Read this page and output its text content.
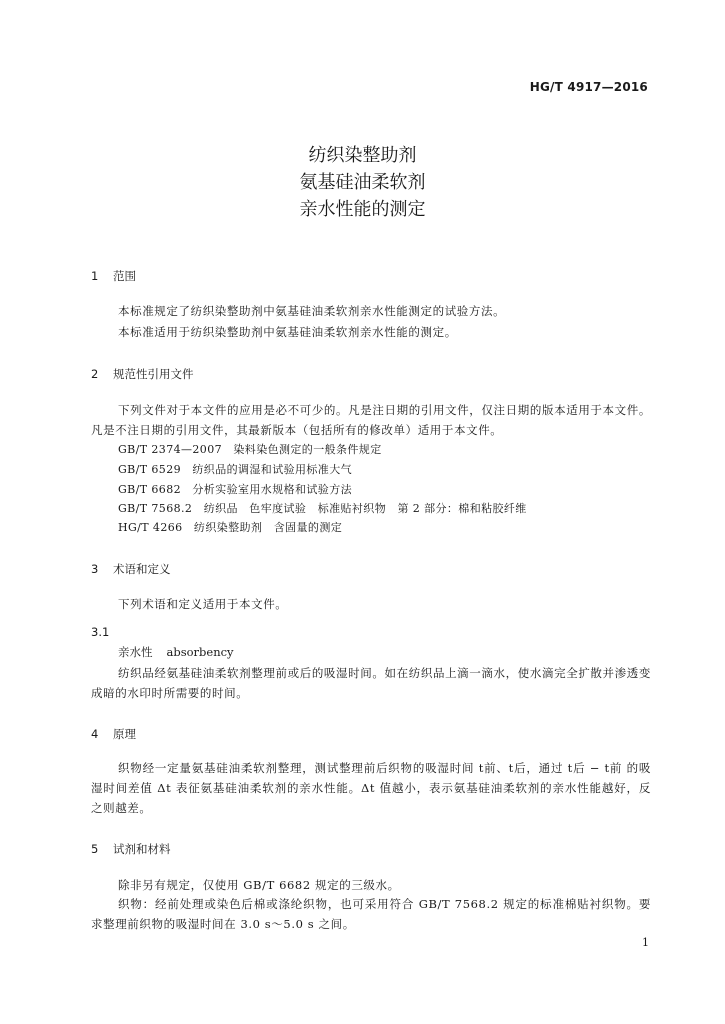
HG/T 4917—2016
纺织染整助剂
氨基硅油柔软剂
亲水性能的测定
1 范围

本标准规定了纺织染整助剂中氨基硅油柔软剂亲水性能测定的试验方法。

本标准适用于纺织染整助剂中氨基硅油柔软剂亲水性能的测定。

2 规范性引用文件

下列文件对于本文件的应用是必不可少的。凡是注日期的引用文件，仅注日期的版本适用于本文件。凡是不注日期的引用文件，其最新版本（包括所有的修改单）适用于本文件。

GB/T 2374—2007　染料染色测定的一般条件规定

GB/T 6529　纺织品的调湿和试验用标准大气

GB/T 6682　分析实验室用水规格和试验方法

GB/T 7568.2　纺织品　色牢度试验　标准贴衬织物　第 2 部分：棉和粘胶纤维

HG/T 4266　纺织染整助剂　含固量的测定

3 术语和定义

下列术语和定义适用于本文件。

3.1
亲水性 absorbency

纺织品经氨基硅油柔软剂整理前或后的吸湿时间。如在纺织品上滴一滴水，使水滴完全扩散并渗透变成暗的水印时所需要的时间。

4 原理

织物经一定量氨基硅油柔软剂整理，测试整理前后织物的吸湿时间 t前、t后，通过 t后 − t前 的吸湿时间差值 Δt 表征氨基硅油柔软剂的亲水性能。Δt 值越小，表示氨基硅油柔软剂的亲水性能越好，反之则越差。

5 试剂和材料

除非另有规定，仅使用 GB/T 6682 规定的三级水。

织物：经前处理或染色后棉或涤纶织物，也可采用符合 GB/T 7568.2 规定的标准棉贴衬织物。要求整理前织物的吸湿时间在 3.0 s～5.0 s 之间。

1
